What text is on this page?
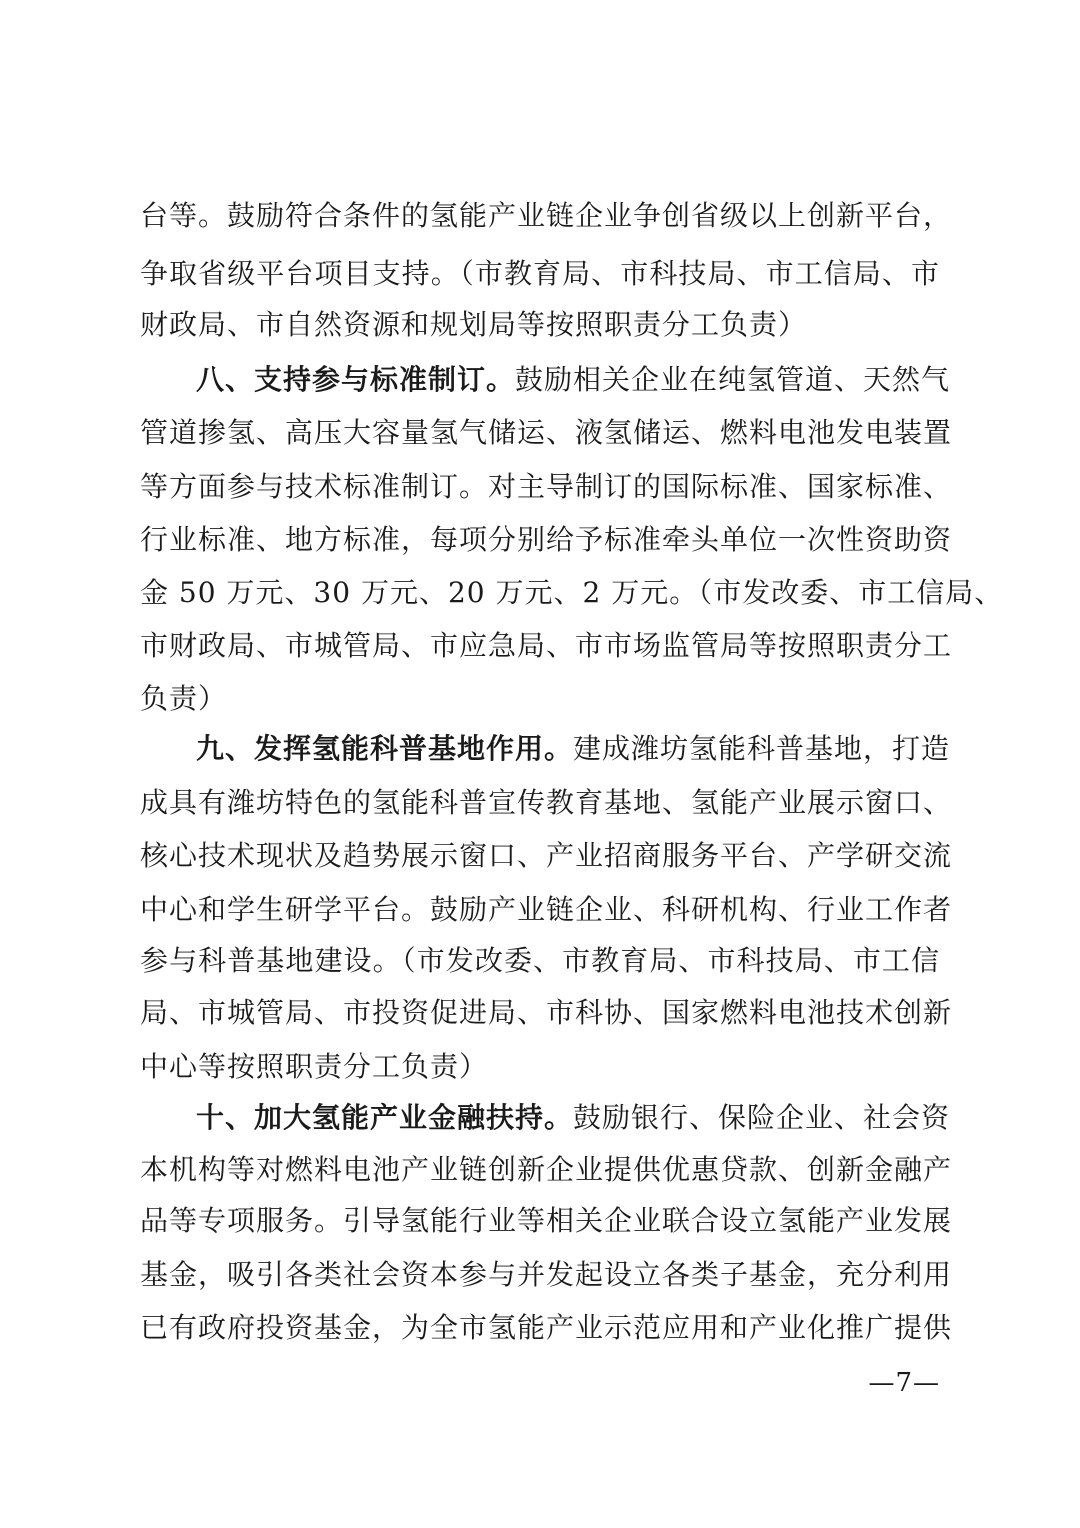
台等。鼓励符合条件的氢能产业链企业争创省级以上创新平台，
争取省级平台项目支持。（市教育局、市科技局、市工信局、市
财政局、市自然资源和规划局等按照职责分工负责）
八、支持参与标准制订。鼓励相关企业在纯氢管道、天然气
管道掺氢、高压大容量氢气储运、液氢储运、燃料电池发电装置
等方面参与技术标准制订。对主导制订的国际标准、国家标准、
行业标准、地方标准，每项分别给予标准牵头单位一次性资助资
金 50 万元、30 万元、20 万元、2 万元。（市发改委、市工信局、
市财政局、市城管局、市应急局、市市场监管局等按照职责分工
负责）
九、发挥氢能科普基地作用。建成潍坊氢能科普基地，打造
成具有潍坊特色的氢能科普宣传教育基地、氢能产业展示窗口、
核心技术现状及趋势展示窗口、产业招商服务平台、产学研交流
中心和学生研学平台。鼓励产业链企业、科研机构、行业工作者
参与科普基地建设。（市发改委、市教育局、市科技局、市工信
局、市城管局、市投资促进局、市科协、国家燃料电池技术创新
中心等按照职责分工负责）
十、加大氢能产业金融扶持。鼓励银行、保险企业、社会资
本机构等对燃料电池产业链创新企业提供优惠贷款、创新金融产
品等专项服务。引导氢能行业等相关企业联合设立氢能产业发展
基金，吸引各类社会资本参与并发起设立各类子基金，充分利用
已有政府投资基金，为全市氢能产业示范应用和产业化推广提供
—7—
